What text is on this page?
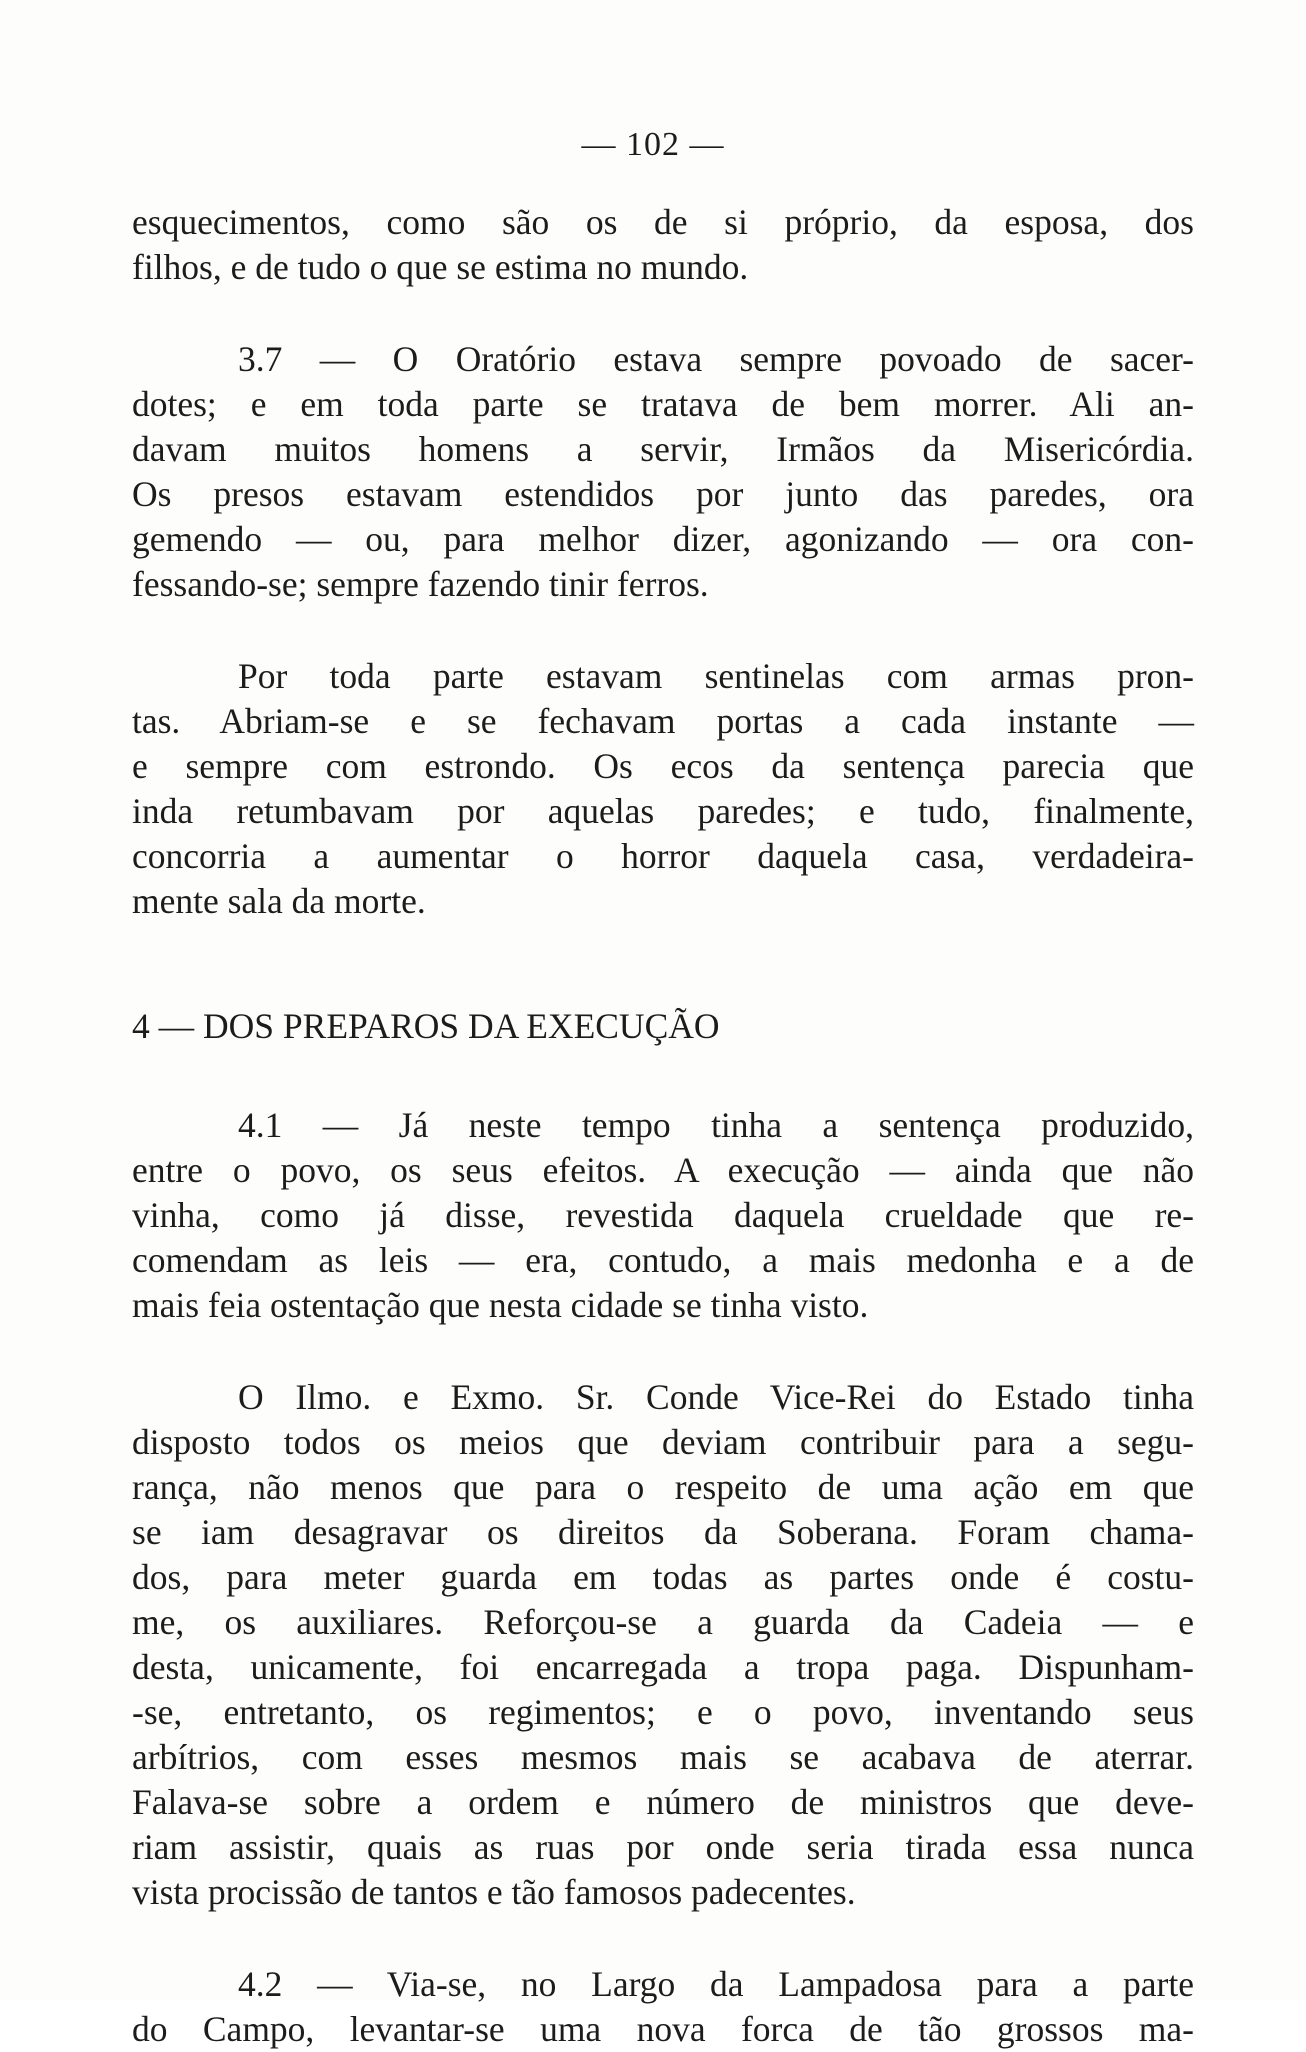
— 102 —
esquecimentos, como são os de si próprio, da esposa, dos
filhos, e de tudo o que se estima no mundo.
3.7 — O Oratório estava sempre povoado de sacer-
dotes; e em toda parte se tratava de bem morrer. Ali an-
davam muitos homens a servir, Irmãos da Misericórdia.
Os presos estavam estendidos por junto das paredes, ora
gemendo — ou, para melhor dizer, agonizando — ora con-
fessando-se; sempre fazendo tinir ferros.
Por toda parte estavam sentinelas com armas pron-
tas. Abriam-se e se fechavam portas a cada instante —
e sempre com estrondo. Os ecos da sentença parecia que
inda retumbavam por aquelas paredes; e tudo, finalmente,
concorria a aumentar o horror daquela casa, verdadeira-
mente sala da morte.
4 — DOS PREPAROS DA EXECUÇÃO
4.1 — Já neste tempo tinha a sentença produzido,
entre o povo, os seus efeitos. A execução — ainda que não
vinha, como já disse, revestida daquela crueldade que re-
comendam as leis — era, contudo, a mais medonha e a de
mais feia ostentação que nesta cidade se tinha visto.
O Ilmo. e Exmo. Sr. Conde Vice-Rei do Estado tinha
disposto todos os meios que deviam contribuir para a segu-
rança, não menos que para o respeito de uma ação em que
se iam desagravar os direitos da Soberana. Foram chama-
dos, para meter guarda em todas as partes onde é costu-
me, os auxiliares. Reforçou-se a guarda da Cadeia — e
desta, unicamente, foi encarregada a tropa paga. Dispunham-
-se, entretanto, os regimentos; e o povo, inventando seus
arbítrios, com esses mesmos mais se acabava de aterrar.
Falava-se sobre a ordem e número de ministros que deve-
riam assistir, quais as ruas por onde seria tirada essa nunca
vista procissão de tantos e tão famosos padecentes.
4.2 — Via-se, no Largo da Lampadosa para a parte
do Campo, levantar-se uma nova forca de tão grossos ma-
